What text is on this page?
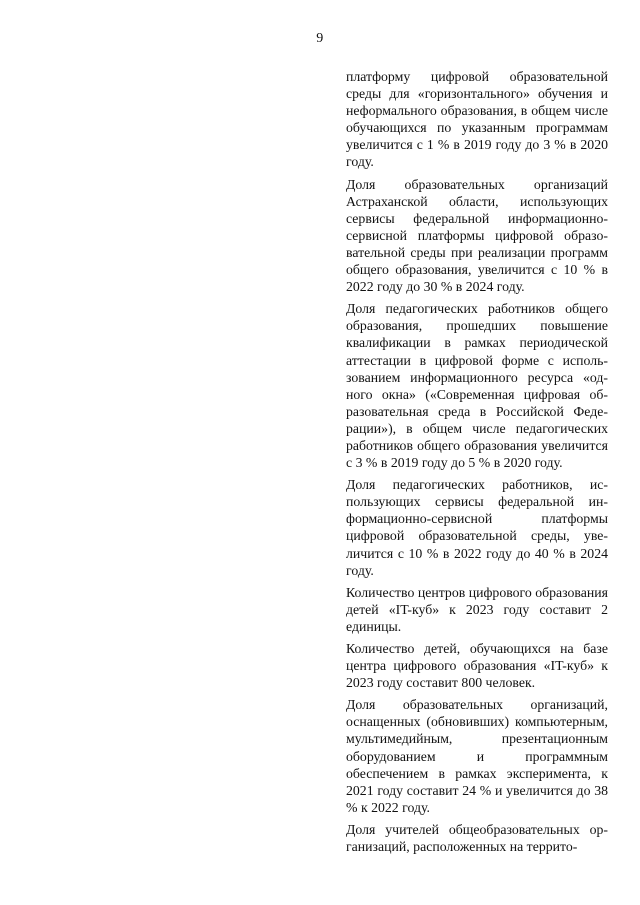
9

платформу цифровой образовательной среды для «горизонтального» обучения и неформального образования, в общем числе обучающихся по указанным программам увеличится с 1 % в 2019 году до 3 % в 2020 году.

Доля образовательных организаций Астраханской области, использующих сервисы федеральной информационно-сервисной платформы цифровой образовательной среды при реализации программ общего образования, увеличится с 10 % в 2022 году до 30 % в 2024 году.

Доля педагогических работников общего образования, прошедших повышение квалификации в рамках периодической аттестации в цифровой форме с использованием информационного ресурса «одного окна» («Современная цифровая образовательная среда в Российской Федерации»), в общем числе педагогических работников общего образования увеличится с 3 % в 2019 году до 5 % в 2020 году.

Доля педагогических работников, использующих сервисы федеральной информационно-сервисной платформы цифровой образовательной среды, увеличится с 10 % в 2022 году до 40 % в 2024 году.

Количество центров цифрового образования детей «IT-куб» к 2023 году составит 2 единицы.

Количество детей, обучающихся на базе центра цифрового образования «IT-куб» к 2023 году составит 800 человек.

Доля образовательных организаций, оснащенных (обновивших) компьютерным, мультимедийным, презентационным оборудованием и программным обеспечением в рамках эксперимента, к 2021 году составит 24 % и увеличится до 38 % к 2022 году.

Доля учителей общеобразовательных организаций, расположенных на террито-
